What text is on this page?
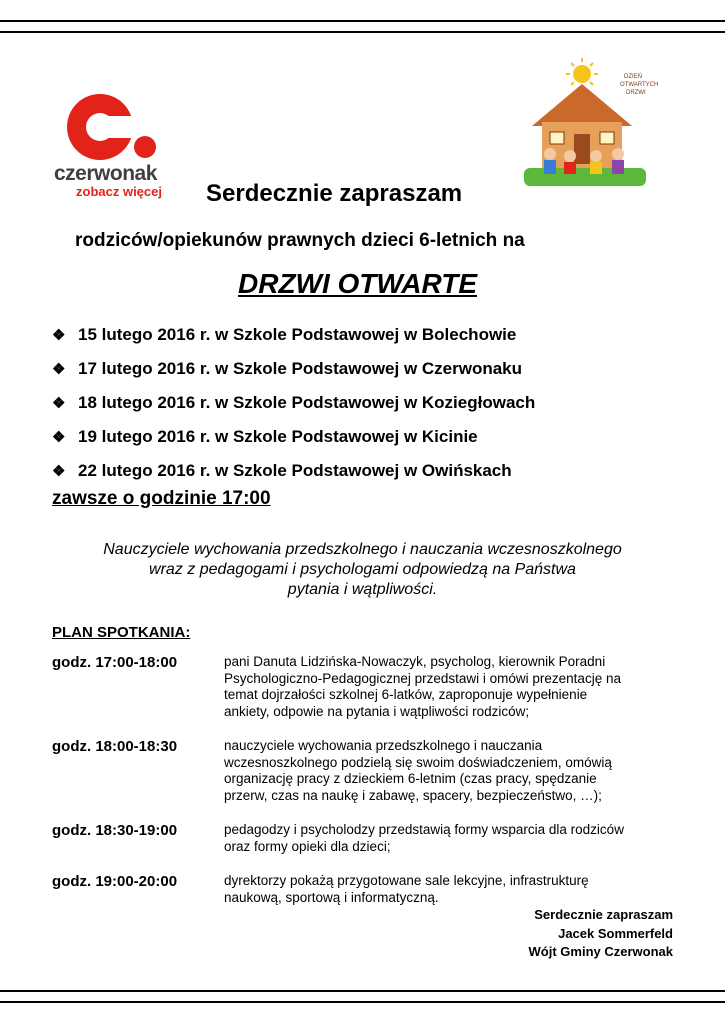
czerwonak
zobacz więcej
DZIEŃ
OTWARTYCH
DRZWI
Serdecznie zapraszam
rodziców/opiekunów prawnych dzieci 6-letnich na
DRZWI OTWARTE
❖ 15 lutego 2016 r. w Szkole Podstawowej w Bolechowie
❖ 17 lutego 2016 r. w Szkole Podstawowej w Czerwonaku
❖ 18 lutego 2016 r. w Szkole Podstawowej w Koziegłowach
❖ 19 lutego 2016 r. w Szkole Podstawowej w Kicinie
❖ 22 lutego 2016 r. w Szkole Podstawowej w Owińskach
zawsze o godzinie 17:00
Nauczyciele wychowania przedszkolnego i nauczania wczesnoszkolnego
wraz z pedagogami i psychologami odpowiedzą na Państwa
pytania i wątpliwości.
PLAN SPOTKANIA:
godz. 17:00-18:00	pani Danuta Lidzińska-Nowaczyk, psycholog, kierownik Poradni
Psychologiczno-Pedagogicznej przedstawi i omówi prezentację na
temat dojrzałości szkolnej 6-latków, zaproponuje wypełnienie
ankiety, odpowie na pytania i wątpliwości rodziców;
godz. 18:00-18:30	nauczyciele wychowania przedszkolnego i nauczania
wczesnoszkolnego podzielą się swoim doświadczeniem, omówią
organizację pracy z dzieckiem 6-letnim (czas pracy, spędzanie
przerw, czas na naukę i zabawę, spacery, bezpieczeństwo, …);
godz. 18:30-19:00	pedagodzy i psycholodzy przedstawią formy wsparcia dla rodziców
oraz formy opieki dla dzieci;
godz. 19:00-20:00	dyrektorzy pokażą przygotowane sale lekcyjne, infrastrukturę
naukową, sportową i informatyczną.
Serdecznie zapraszam
Jacek Sommerfeld
Wójt Gminy Czerwonak
